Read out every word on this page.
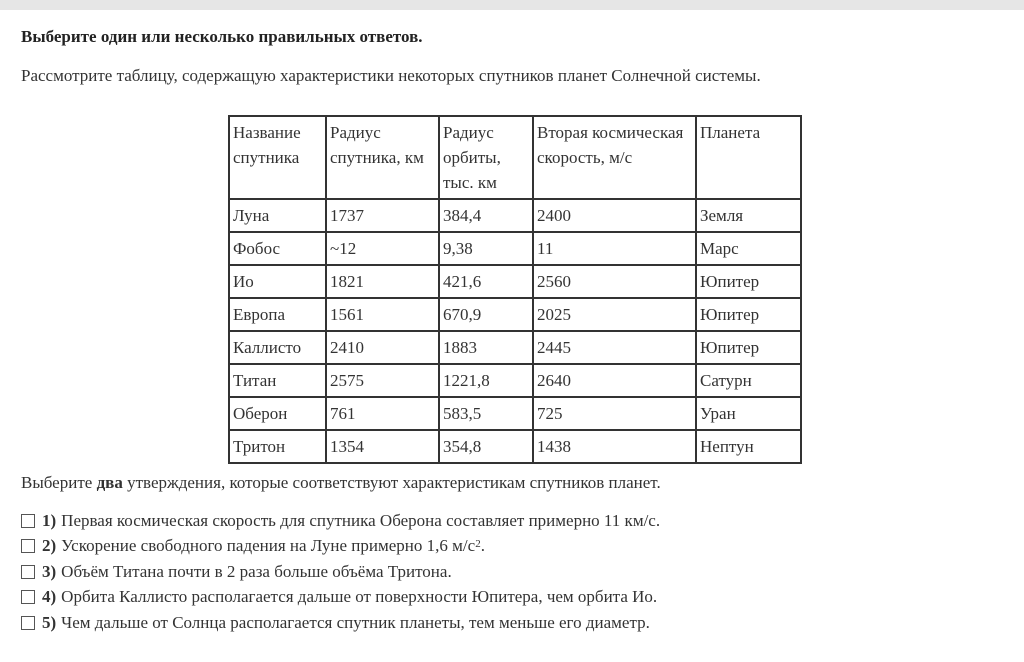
Выберите один или несколько правильных ответов.

Рассмотрите таблицу, содержащую характеристики некоторых спутников планет Солнечной системы.

Название спутника	Радиус спутника, км	Радиус орбиты, тыс. км	Вторая космическая скорость, м/с	Планета
Луна	1737	384,4	2400	Земля
Фобос	~12	9,38	11	Марс
Ио	1821	421,6	2560	Юпитер
Европа	1561	670,9	2025	Юпитер
Каллисто	2410	1883	2445	Юпитер
Титан	2575	1221,8	2640	Сатурн
Оберон	761	583,5	725	Уран
Тритон	1354	354,8	1438	Нептун

Выберите два утверждения, которые соответствуют характеристикам спутников планет.

1) Первая космическая скорость для спутника Оберона составляет примерно 11 км/с.
2) Ускорение свободного падения на Луне примерно 1,6 $м/с^2$ .
3) Объём Титана почти в 2 раза больше объёма Тритона.
4) Орбита Каллисто располагается дальше от поверхности Юпитера, чем орбита Ио.
5) Чем дальше от Солнца располагается спутник планеты, тем меньше его диаметр.
